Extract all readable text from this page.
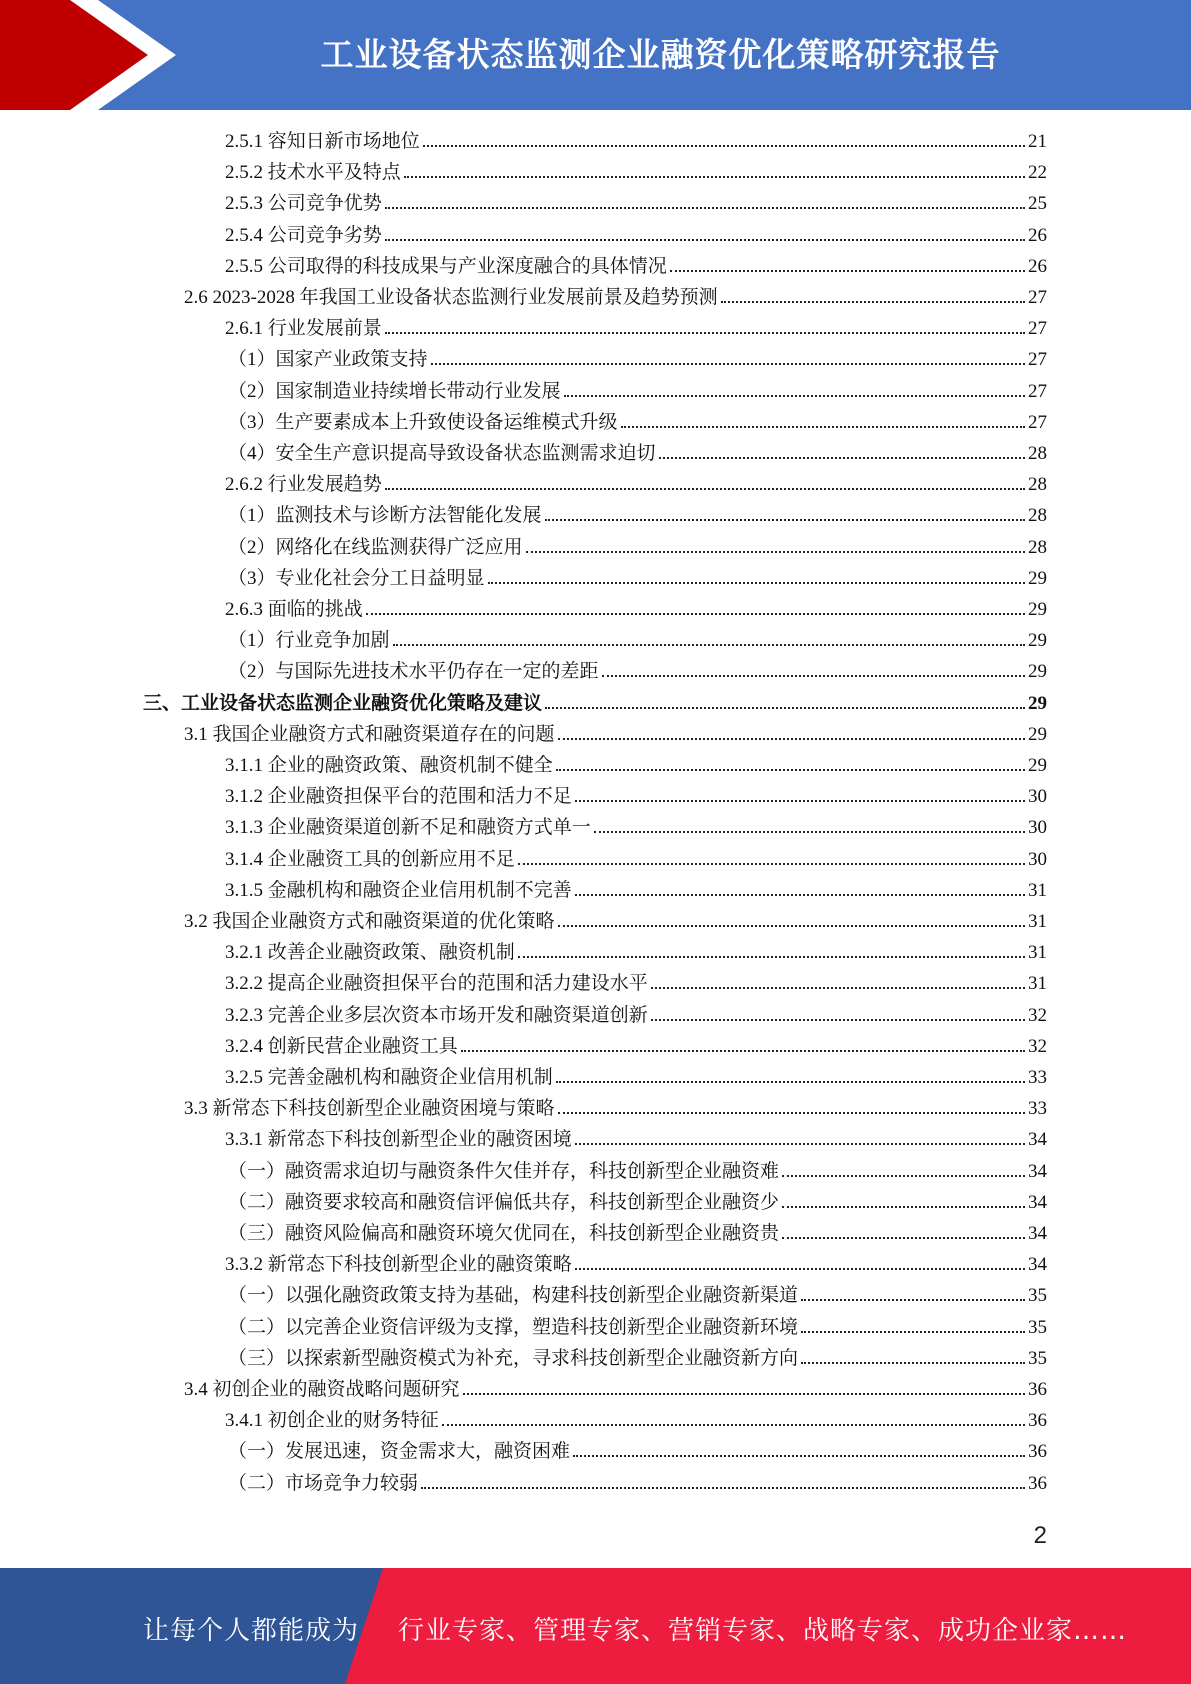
工业设备状态监测企业融资优化策略研究报告
2.5.1 容知日新市场地位	21
2.5.2 技术水平及特点	22
2.5.3 公司竞争优势	25
2.5.4 公司竞争劣势	26
2.5.5 公司取得的科技成果与产业深度融合的具体情况	26
2.6 2023-2028 年我国工业设备状态监测行业发展前景及趋势预测	27
2.6.1 行业发展前景	27
（1）国家产业政策支持	27
（2）国家制造业持续增长带动行业发展	27
（3）生产要素成本上升致使设备运维模式升级	27
（4）安全生产意识提高导致设备状态监测需求迫切	28
2.6.2 行业发展趋势	28
（1）监测技术与诊断方法智能化发展	28
（2）网络化在线监测获得广泛应用	28
（3）专业化社会分工日益明显	29
2.6.3 面临的挑战	29
（1）行业竞争加剧	29
（2）与国际先进技术水平仍存在一定的差距	29
三、工业设备状态监测企业融资优化策略及建议	29
3.1 我国企业融资方式和融资渠道存在的问题	29
3.1.1 企业的融资政策、融资机制不健全	29
3.1.2 企业融资担保平台的范围和活力不足	30
3.1.3 企业融资渠道创新不足和融资方式单一	30
3.1.4 企业融资工具的创新应用不足	30
3.1.5 金融机构和融资企业信用机制不完善	31
3.2 我国企业融资方式和融资渠道的优化策略	31
3.2.1 改善企业融资政策、融资机制	31
3.2.2 提高企业融资担保平台的范围和活力建设水平	31
3.2.3 完善企业多层次资本市场开发和融资渠道创新	32
3.2.4 创新民营企业融资工具	32
3.2.5 完善金融机构和融资企业信用机制	33
3.3 新常态下科技创新型企业融资困境与策略	33
3.3.1 新常态下科技创新型企业的融资困境	34
（一）融资需求迫切与融资条件欠佳并存，科技创新型企业融资难	34
（二）融资要求较高和融资信评偏低共存，科技创新型企业融资少	34
（三）融资风险偏高和融资环境欠优同在，科技创新型企业融资贵	34
3.3.2 新常态下科技创新型企业的融资策略	34
（一）以强化融资政策支持为基础，构建科技创新型企业融资新渠道	35
（二）以完善企业资信评级为支撑，塑造科技创新型企业融资新环境	35
（三）以探索新型融资模式为补充，寻求科技创新型企业融资新方向	35
3.4 初创企业的融资战略问题研究	36
3.4.1 初创企业的财务特征	36
（一）发展迅速，资金需求大，融资困难	36
（二）市场竞争力较弱	36
2
让每个人都能成为 行业专家、管理专家、营销专家、战略专家、成功企业家……
